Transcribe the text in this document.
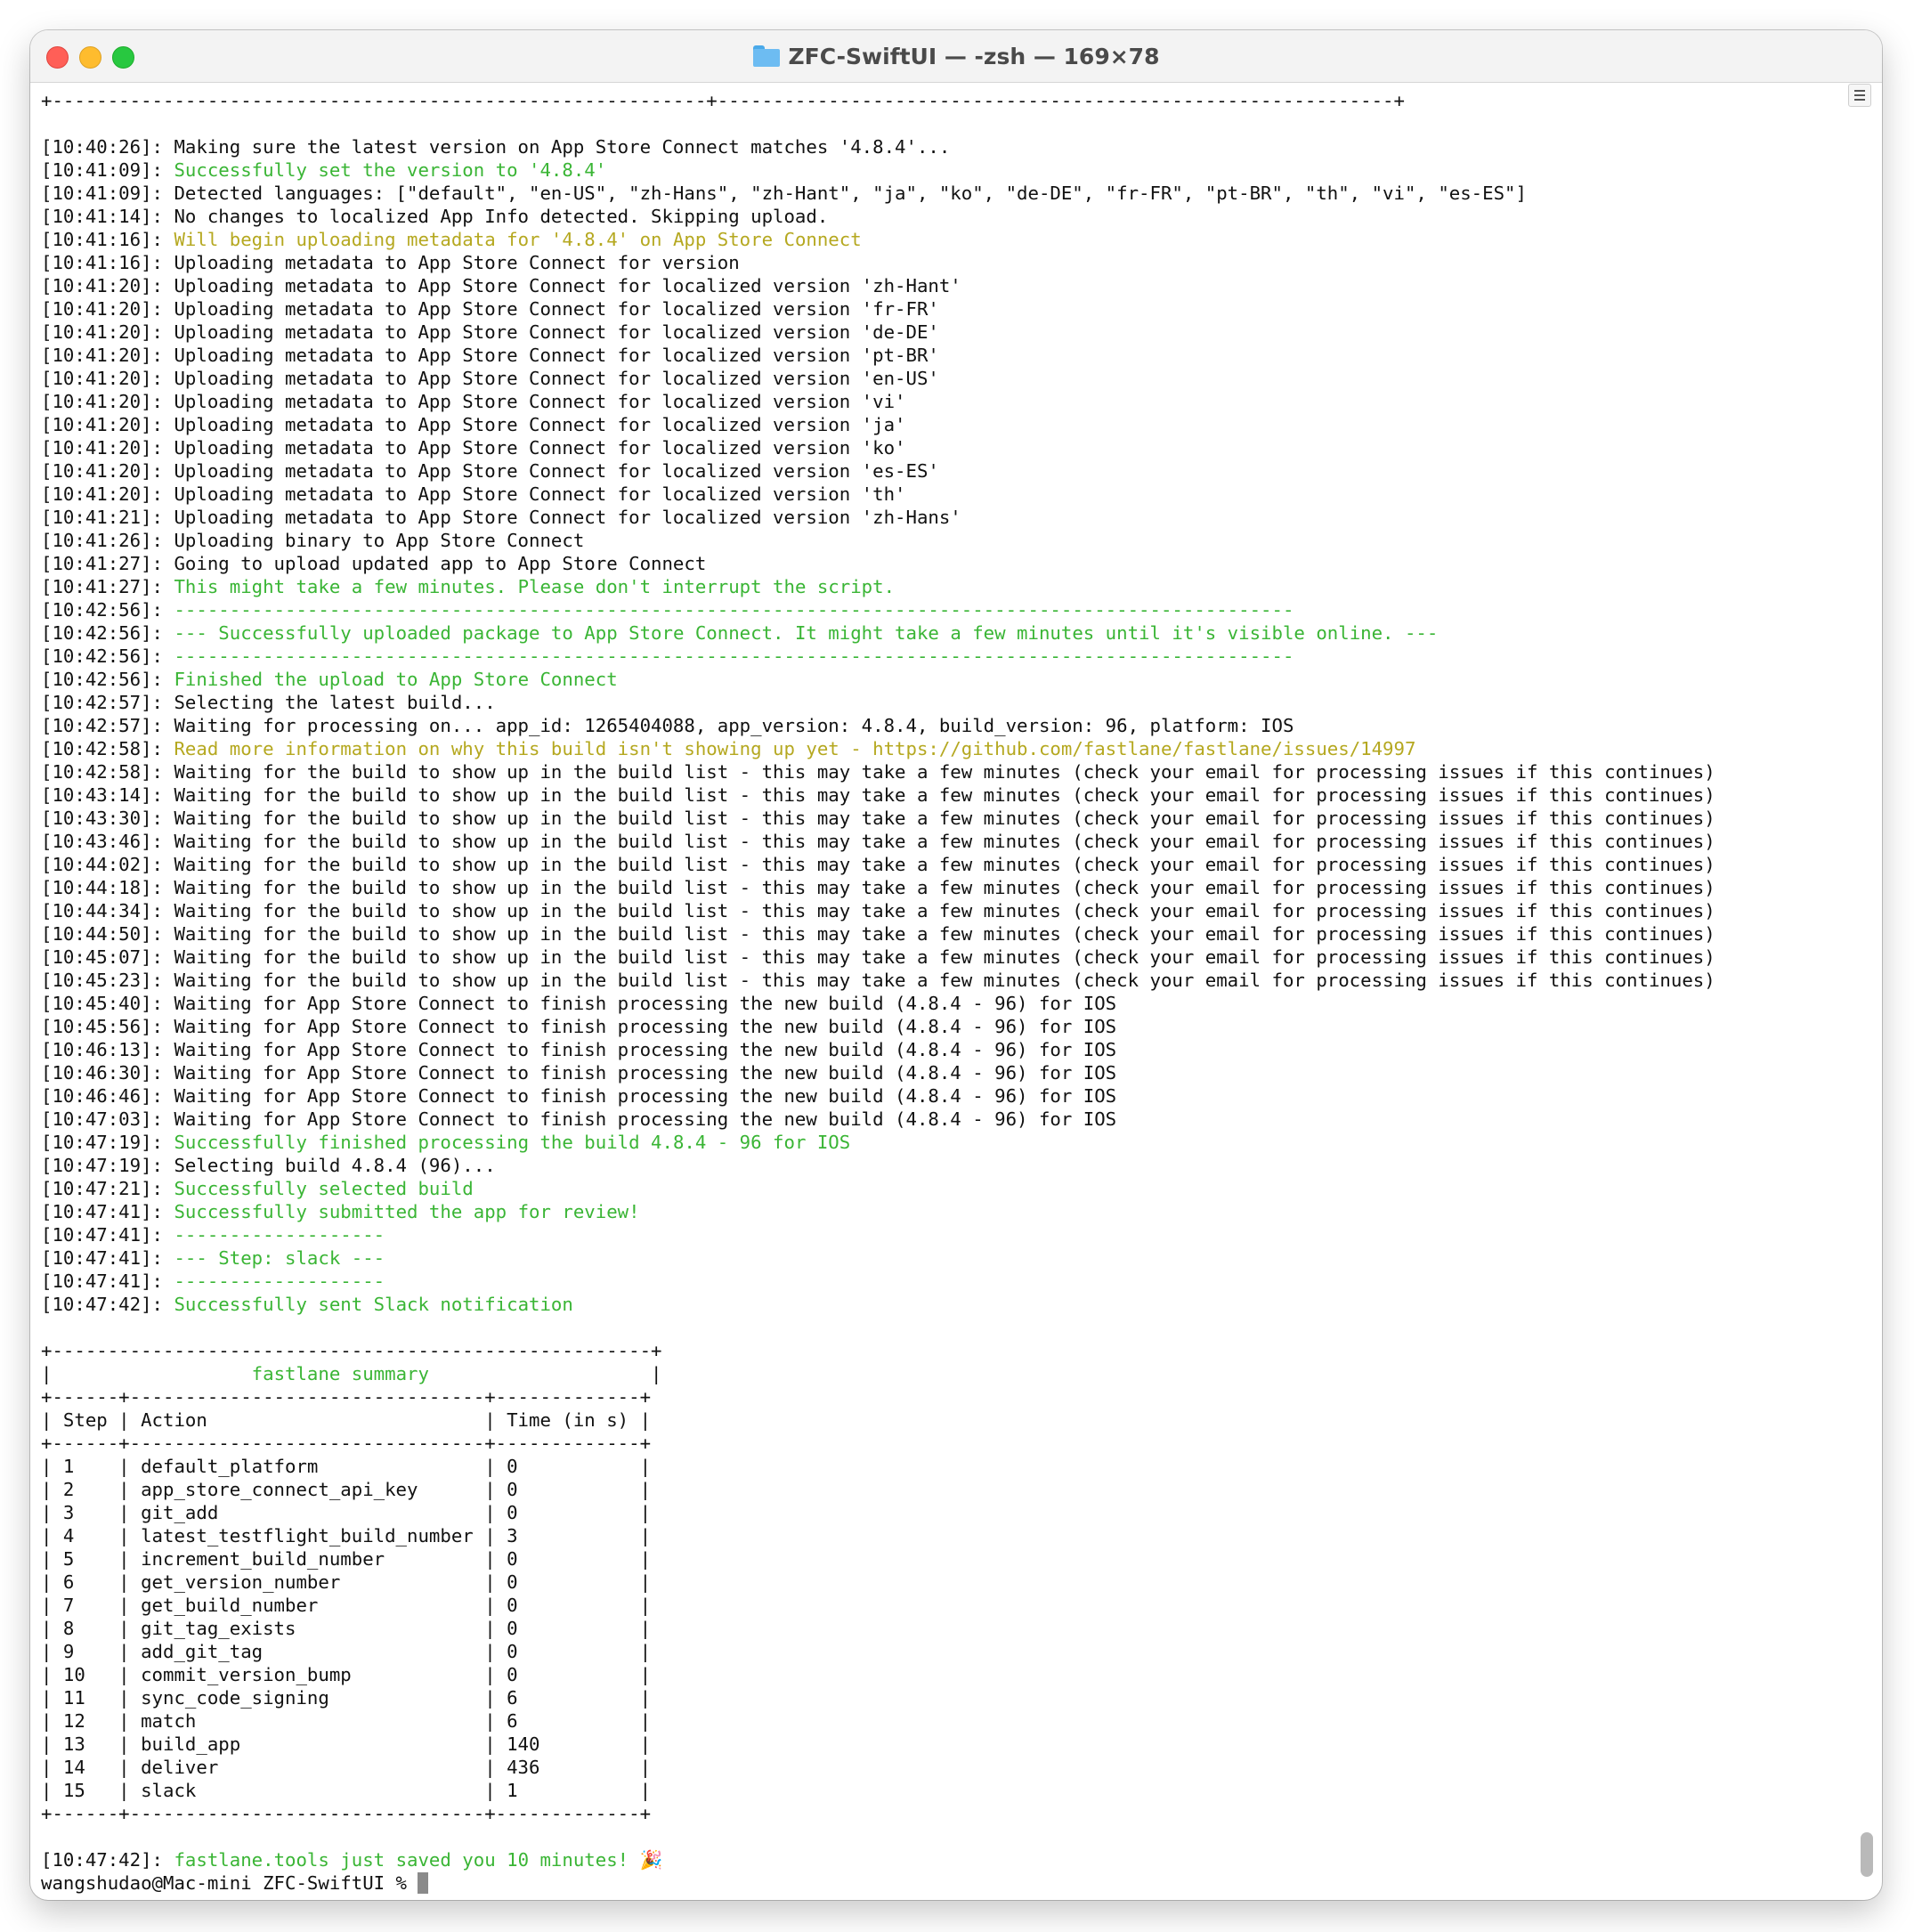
ZFC-SwiftUI — -zsh — 169×78
+-----------------------------------------------------------+-------------------------------------------------------------+
[10:40:26]: Making sure the latest version on App Store Connect matches '4.8.4'...
[10:41:09]: Successfully set the version to '4.8.4'
[10:41:09]: Detected languages: ["default", "en-US", "zh-Hans", "zh-Hant", "ja", "ko", "de-DE", "fr-FR", "pt-BR", "th", "vi", "es-ES"]
[10:41:14]: No changes to localized App Info detected. Skipping upload.
[10:41:16]: Will begin uploading metadata for '4.8.4' on App Store Connect
[10:41:16]: Uploading metadata to App Store Connect for version
[10:41:20]: Uploading metadata to App Store Connect for localized version 'zh-Hant'
[10:41:20]: Uploading metadata to App Store Connect for localized version 'fr-FR'
[10:41:20]: Uploading metadata to App Store Connect for localized version 'de-DE'
[10:41:20]: Uploading metadata to App Store Connect for localized version 'pt-BR'
[10:41:20]: Uploading metadata to App Store Connect for localized version 'en-US'
[10:41:20]: Uploading metadata to App Store Connect for localized version 'vi'
[10:41:20]: Uploading metadata to App Store Connect for localized version 'ja'
[10:41:20]: Uploading metadata to App Store Connect for localized version 'ko'
[10:41:20]: Uploading metadata to App Store Connect for localized version 'es-ES'
[10:41:20]: Uploading metadata to App Store Connect for localized version 'th'
[10:41:21]: Uploading metadata to App Store Connect for localized version 'zh-Hans'
[10:41:26]: Uploading binary to App Store Connect
[10:41:27]: Going to upload updated app to App Store Connect
[10:41:27]: This might take a few minutes. Please don't interrupt the script.
[10:42:56]: -----------------------------------------------------------------------------------------------------
[10:42:56]: --- Successfully uploaded package to App Store Connect. It might take a few minutes until it's visible online. ---
[10:42:56]: -----------------------------------------------------------------------------------------------------
[10:42:56]: Finished the upload to App Store Connect
[10:42:57]: Selecting the latest build...
[10:42:57]: Waiting for processing on... app_id: 1265404088, app_version: 4.8.4, build_version: 96, platform: IOS
[10:42:58]: Read more information on why this build isn't showing up yet - https://github.com/fastlane/fastlane/issues/14997
[10:42:58]: Waiting for the build to show up in the build list - this may take a few minutes (check your email for processing issues if this continues)
[10:43:14]: Waiting for the build to show up in the build list - this may take a few minutes (check your email for processing issues if this continues)
[10:43:30]: Waiting for the build to show up in the build list - this may take a few minutes (check your email for processing issues if this continues)
[10:43:46]: Waiting for the build to show up in the build list - this may take a few minutes (check your email for processing issues if this continues)
[10:44:02]: Waiting for the build to show up in the build list - this may take a few minutes (check your email for processing issues if this continues)
[10:44:18]: Waiting for the build to show up in the build list - this may take a few minutes (check your email for processing issues if this continues)
[10:44:34]: Waiting for the build to show up in the build list - this may take a few minutes (check your email for processing issues if this continues)
[10:44:50]: Waiting for the build to show up in the build list - this may take a few minutes (check your email for processing issues if this continues)
[10:45:07]: Waiting for the build to show up in the build list - this may take a few minutes (check your email for processing issues if this continues)
[10:45:23]: Waiting for the build to show up in the build list - this may take a few minutes (check your email for processing issues if this continues)
[10:45:40]: Waiting for App Store Connect to finish processing the new build (4.8.4 - 96) for IOS
[10:45:56]: Waiting for App Store Connect to finish processing the new build (4.8.4 - 96) for IOS
[10:46:13]: Waiting for App Store Connect to finish processing the new build (4.8.4 - 96) for IOS
[10:46:30]: Waiting for App Store Connect to finish processing the new build (4.8.4 - 96) for IOS
[10:46:46]: Waiting for App Store Connect to finish processing the new build (4.8.4 - 96) for IOS
[10:47:03]: Waiting for App Store Connect to finish processing the new build (4.8.4 - 96) for IOS
[10:47:19]: Successfully finished processing the build 4.8.4 - 96 for IOS
[10:47:19]: Selecting build 4.8.4 (96)...
[10:47:21]: Successfully selected build
[10:47:41]: Successfully submitted the app for review!
[10:47:41]: -------------------
[10:47:41]: --- Step: slack ---
[10:47:41]: -------------------
[10:47:42]: Successfully sent Slack notification
+------------------------------------------------------+
|                  fastlane summary                    |
+------+--------------------------------+-------------+
| Step | Action                         | Time (in s) |
+------+--------------------------------+-------------+
| 1    | default_platform               | 0           |
| 2    | app_store_connect_api_key      | 0           |
| 3    | git_add                        | 0           |
| 4    | latest_testflight_build_number | 3           |
| 5    | increment_build_number         | 0           |
| 6    | get_version_number             | 0           |
| 7    | get_build_number               | 0           |
| 8    | git_tag_exists                 | 0           |
| 9    | add_git_tag                    | 0           |
| 10   | commit_version_bump            | 0           |
| 11   | sync_code_signing              | 6           |
| 12   | match                          | 6           |
| 13   | build_app                      | 140         |
| 14   | deliver                        | 436         |
| 15   | slack                          | 1           |
+------+--------------------------------+-------------+
[10:47:42]: fastlane.tools just saved you 10 minutes! 🎉
wangshudao@Mac-mini ZFC-SwiftUI %
